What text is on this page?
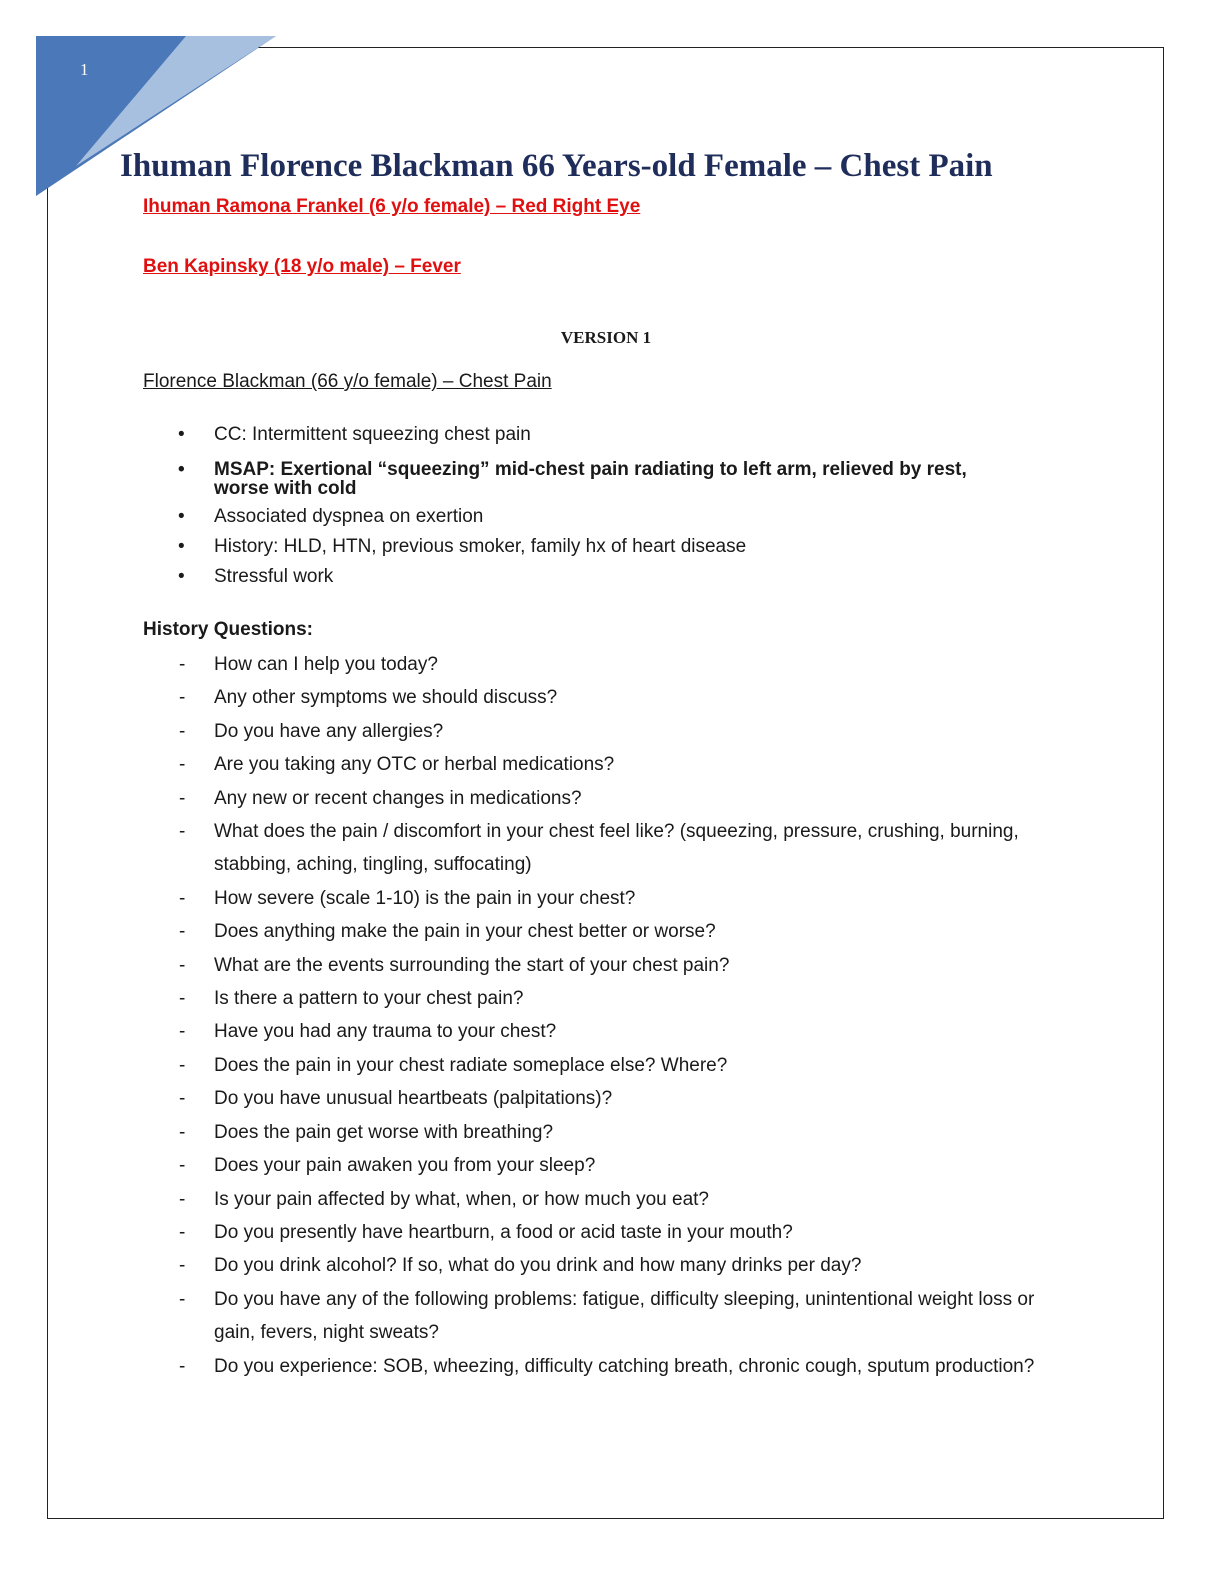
1
Ihuman Florence Blackman 66 Years-old Female – Chest Pain
Ihuman Ramona Frankel (6 y/o female) – Red Right Eye
Ben Kapinsky (18 y/o male) – Fever
VERSION 1
Florence Blackman (66 y/o female) – Chest Pain
• CC: Intermittent squeezing chest pain
• MSAP: Exertional “squeezing” mid-chest pain radiating to left arm, relieved by rest,
worse with cold
• Associated dyspnea on exertion
• History: HLD, HTN, previous smoker, family hx of heart disease
• Stressful work
History Questions:
- How can I help you today?
- Any other symptoms we should discuss?
- Do you have any allergies?
- Are you taking any OTC or herbal medications?
- Any new or recent changes in medications?
- What does the pain / discomfort in your chest feel like? (squeezing, pressure, crushing, burning, stabbing, aching, tingling, suffocating)
- How severe (scale 1-10) is the pain in your chest?
- Does anything make the pain in your chest better or worse?
- What are the events surrounding the start of your chest pain?
- Is there a pattern to your chest pain?
- Have you had any trauma to your chest?
- Does the pain in your chest radiate someplace else? Where?
- Do you have unusual heartbeats (palpitations)?
- Does the pain get worse with breathing?
- Does your pain awaken you from your sleep?
- Is your pain affected by what, when, or how much you eat?
- Do you presently have heartburn, a food or acid taste in your mouth?
- Do you drink alcohol? If so, what do you drink and how many drinks per day?
- Do you have any of the following problems: fatigue, difficulty sleeping, unintentional weight loss or gain, fevers, night sweats?
- Do you experience: SOB, wheezing, difficulty catching breath, chronic cough, sputum production?
